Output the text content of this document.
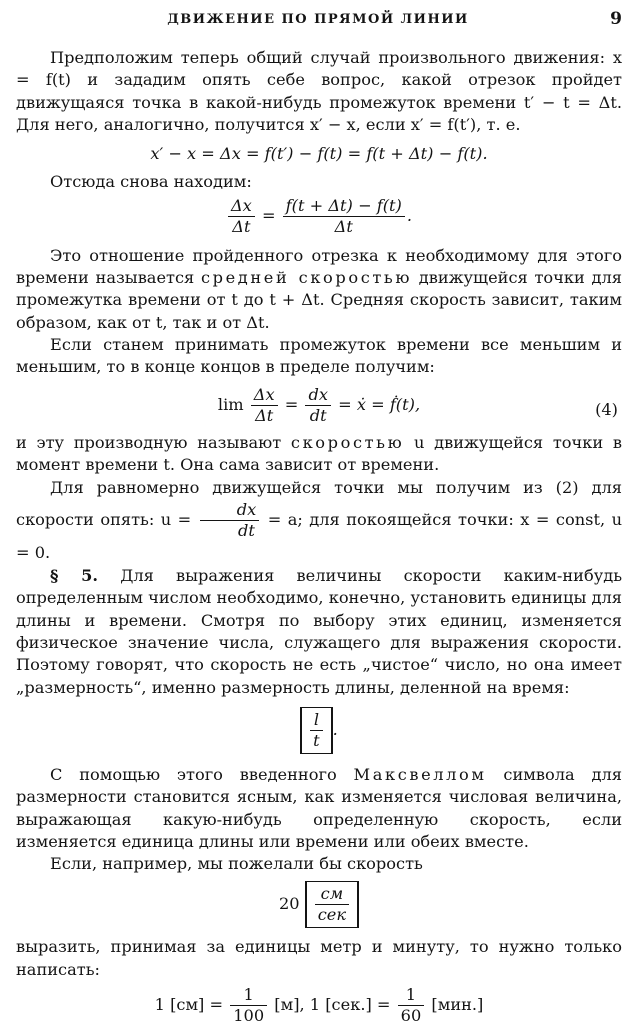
ДВИЖЕНИЕ ПО ПРЯМОЙ ЛИНИИ	9

Предположим теперь общий случай произвольного движения: x = f(t) и зададим опять себе вопрос, какой отрезок пройдет движущаяся точка в какой-нибудь промежуток времени t′ − t = Δt. Для него, аналогично, получится x′ − x, если x′ = f(t′), т. е.

x′ − x = Δx = f(t′) − f(t) = f(t + Δt) − f(t).

Отсюда снова находим:

$\frac{\Delta x}{\Delta t} = \frac{f(t + \Delta t) - f(t)}{\Delta t}$ .

Это отношение пройденного отрезка к необходимому для этого времени называется средней скоростью движущейся точки для промежутка времени от t до t + Δt. Средняя скорость зависит, таким образом, как от t, так и от Δt.

Если станем принимать промежуток времени все меньшим и меньшим, то в конце концов в пределе получим:

$\lim \frac{\Delta x}{\Delta t} = \frac{dx}{dt}$ = ẋ = ḟ(t),	(4)

и эту производную называют скоростью u движущейся точки в момент времени t. Она сама зависит от времени.

Для равномерно движущейся точки мы получим из (2) для скорости опять: $u = \frac{dx}{dt} = a$; для покоящейся точки: x = const, u = 0.

§ 5. Для выражения величины скорости каким-нибудь определенным числом необходимо, конечно, установить единицы для длины и времени. Смотря по выбору этих единиц, изменяется физическое значение числа, служащего для выражения скорости. Поэтому говорят, что скорость не есть „чистое“ число, но она имеет „размерность“, именно размерность длины, деленной на время:

$\frac{l}{t}$ .

С помощью этого введенного Максвеллом символа для размерности становится ясным, как изменяется числовая величина, выражающая какую-нибудь определенную скорость, если изменяется единица длины или времени или обеих вместе.

Если, например, мы пожелали бы скорость

$20 \frac{см}{\text{сек}}$

выразить, принимая за единицы метр и минуту, то нужно только написать:

1 $[см] = \frac{1}{100} [м]$, 1 $[сек.] = \frac{1}{60} [мин.]$
